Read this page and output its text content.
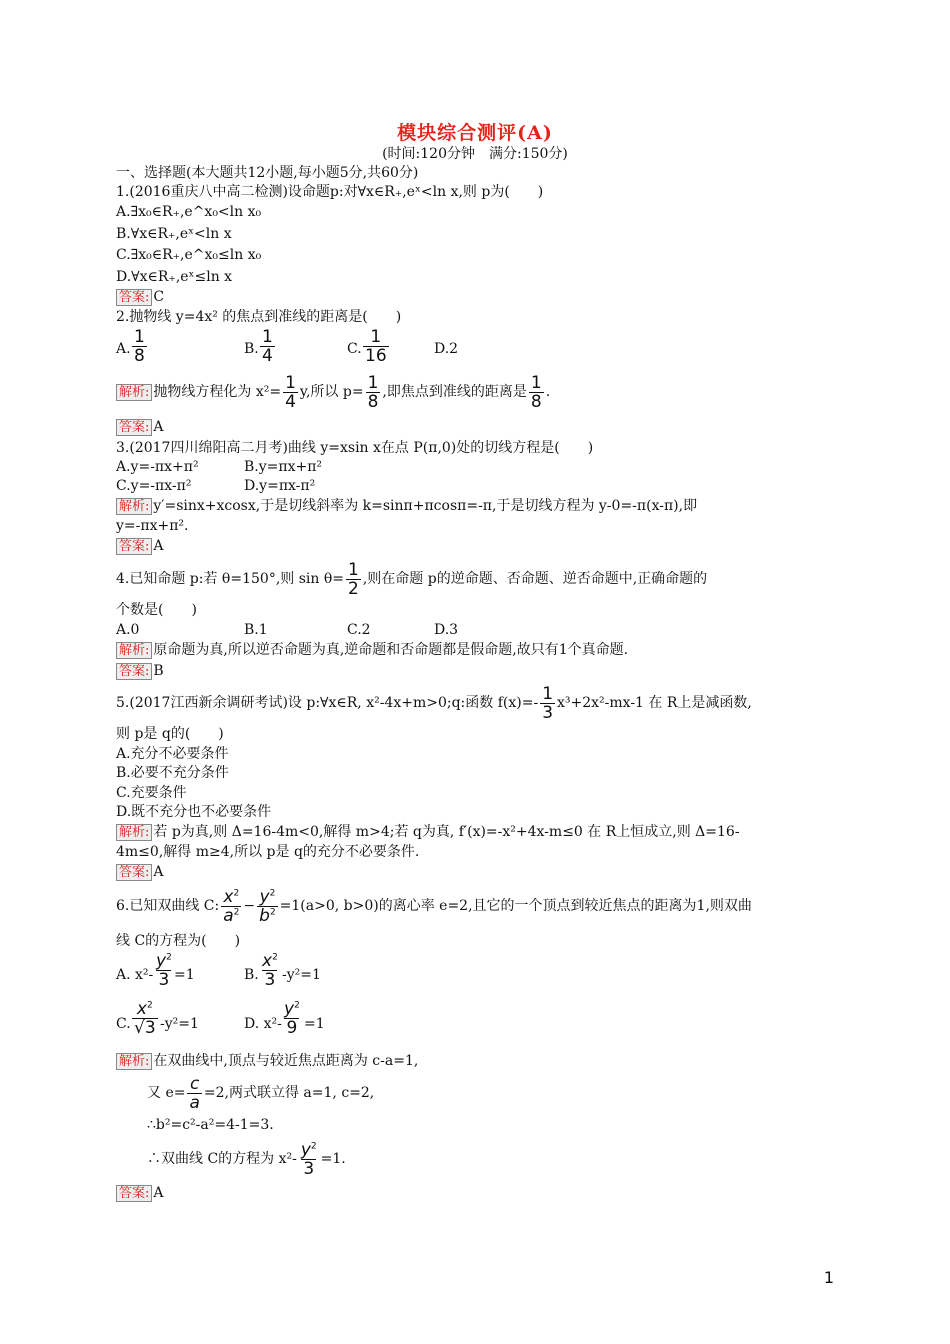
模块综合测评(A)
(时间:120分钟　满分:150分)
一、选择题(本大题共12小题,每小题5分,共60分)
1.(2016重庆八中高二检测)设命题p:对∀x∈R₊,eˣ<ln x,则 p为(　　)
A.∃x₀∈R₊,e^x₀<ln x₀
B.∀x∈R₊,eˣ<ln x
C.∃x₀∈R₊,e^x₀≤ln x₀
D.∀x∈R₊,eˣ≤ln x
答案: C
2.抛物线 y=4x² 的焦点到准线的距离是(　　)
A. $\frac{1}{8}$	B. $\frac{1}{4}$	C. $\frac{1}{16}$	D.2
解析: 抛物线方程化为 $x^2= \frac{1}{4} y$,所以 $p= \frac{1}{8}$ ,即焦点到准线的距离是 $\frac{1}{8}$ .
答案: A
3.(2017四川绵阳高二月考)曲线 y=xsin x在点 P(π,0)处的切线方程是(　　)
A.y=-πx+π²	B.y=πx+π²
C.y=-πx-π²	D.y=πx-π²
解析: y′=sinx+xcosx,于是切线斜率为 k=sinπ+πcosπ=-π,于是切线方程为 y-0=-π(x-π),即
y=-πx+π².
答案: A
4.已知命题 p:若 θ=150°,则 $\sin \theta= \frac{1}{2}$ ,则在命题 p的逆命题、否命题、逆否命题中,正确命题的
个数是(　　)
A.0	B.1	C.2	D.3
解析: 原命题为真,所以逆否命题为真,逆命题和否命题都是假命题,故只有1个真命题.
答案: B
5.(2017江西新余调研考试)设 p:∀x∈R, x²-4x+m>0;q:函数 $f(x)=- \frac{1}{3} x^3+2x^2-mx-1$ 在 R上是减函数,
则 p是 q的(　　)
A.充分不必要条件
B.必要不充分条件
C.充要条件
D.既不充分也不必要条件
解析: 若 p为真,则 Δ=16-4m<0,解得 m>4;若 q为真, f′(x)=-x²+4x-m≤0 在 R上恒成立,则 Δ=16-
4m≤0,解得 m≥4,所以 p是 q的充分不必要条件.
答案: A
6.已知双曲线 C: $\frac{x^2}{a^2} - \frac{y^2}{b^2} =1(a>0$, b>0)的离心率 e=2,且它的一个顶点到较近焦点的距离为1,则双曲
线 C的方程为(　　)
A. $x^2- \frac{y^2}{3} =1$	B. $\frac{x^2}{3} -y^2=1$
C. $\frac{x^2}{√3} -y^2=1$	D. $x^2- \frac{y^2}{9} =1$
解析: 在双曲线中,顶点与较近焦点距离为 c-a=1,
又 $e= \frac{c}{a} =2$,两式联立得 a=1, c=2,
∴b²=c²-a²=4-1=3.
∴双曲线 C的方程为 $x^2- \frac{y^2}{3} =1$.
答案: A
1
